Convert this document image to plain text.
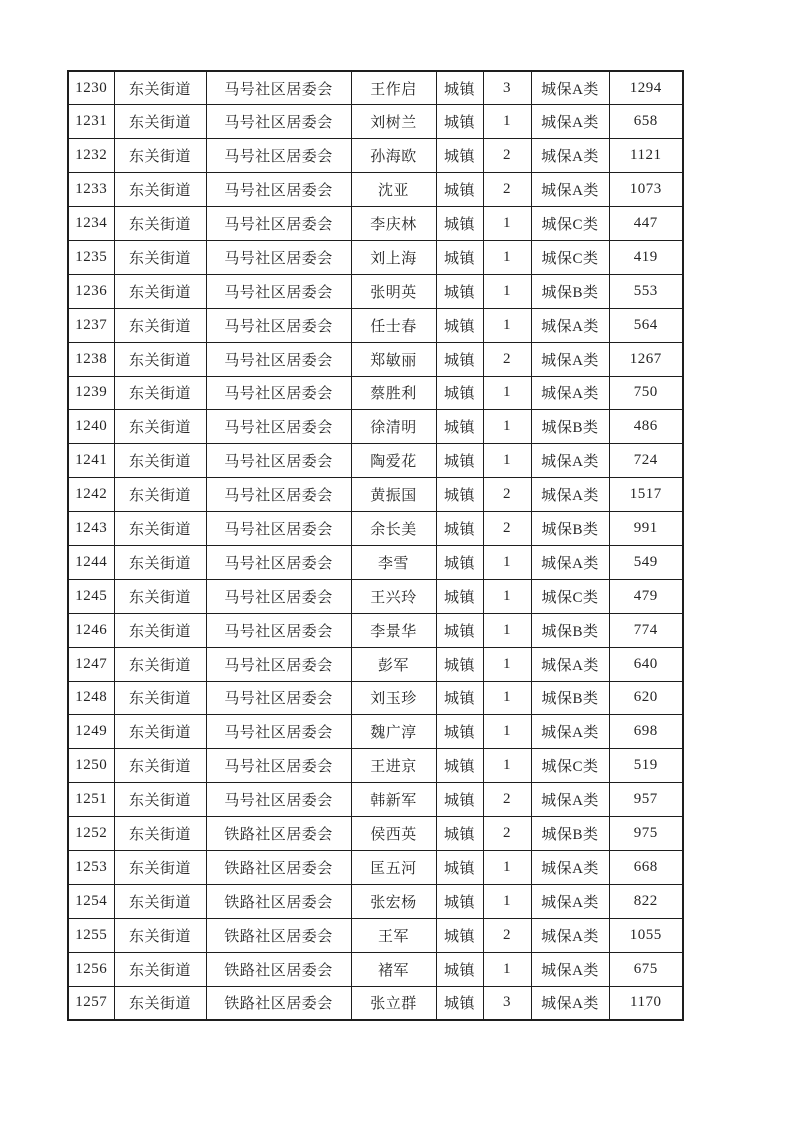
1230	东关街道	马号社区居委会	王作启	城镇	3	城保A类	1294
1231	东关街道	马号社区居委会	刘树兰	城镇	1	城保A类	658
1232	东关街道	马号社区居委会	孙海欧	城镇	2	城保A类	1121
1233	东关街道	马号社区居委会	沈亚	城镇	2	城保A类	1073
1234	东关街道	马号社区居委会	李庆林	城镇	1	城保C类	447
1235	东关街道	马号社区居委会	刘上海	城镇	1	城保C类	419
1236	东关街道	马号社区居委会	张明英	城镇	1	城保B类	553
1237	东关街道	马号社区居委会	任士春	城镇	1	城保A类	564
1238	东关街道	马号社区居委会	郑敏丽	城镇	2	城保A类	1267
1239	东关街道	马号社区居委会	蔡胜利	城镇	1	城保A类	750
1240	东关街道	马号社区居委会	徐清明	城镇	1	城保B类	486
1241	东关街道	马号社区居委会	陶爱花	城镇	1	城保A类	724
1242	东关街道	马号社区居委会	黄振国	城镇	2	城保A类	1517
1243	东关街道	马号社区居委会	余长美	城镇	2	城保B类	991
1244	东关街道	马号社区居委会	李雪	城镇	1	城保A类	549
1245	东关街道	马号社区居委会	王兴玲	城镇	1	城保C类	479
1246	东关街道	马号社区居委会	李景华	城镇	1	城保B类	774
1247	东关街道	马号社区居委会	彭军	城镇	1	城保A类	640
1248	东关街道	马号社区居委会	刘玉珍	城镇	1	城保B类	620
1249	东关街道	马号社区居委会	魏广淳	城镇	1	城保A类	698
1250	东关街道	马号社区居委会	王进京	城镇	1	城保C类	519
1251	东关街道	马号社区居委会	韩新军	城镇	2	城保A类	957
1252	东关街道	铁路社区居委会	侯西英	城镇	2	城保B类	975
1253	东关街道	铁路社区居委会	匡五河	城镇	1	城保A类	668
1254	东关街道	铁路社区居委会	张宏杨	城镇	1	城保A类	822
1255	东关街道	铁路社区居委会	王军	城镇	2	城保A类	1055
1256	东关街道	铁路社区居委会	褚军	城镇	1	城保A类	675
1257	东关街道	铁路社区居委会	张立群	城镇	3	城保A类	1170
